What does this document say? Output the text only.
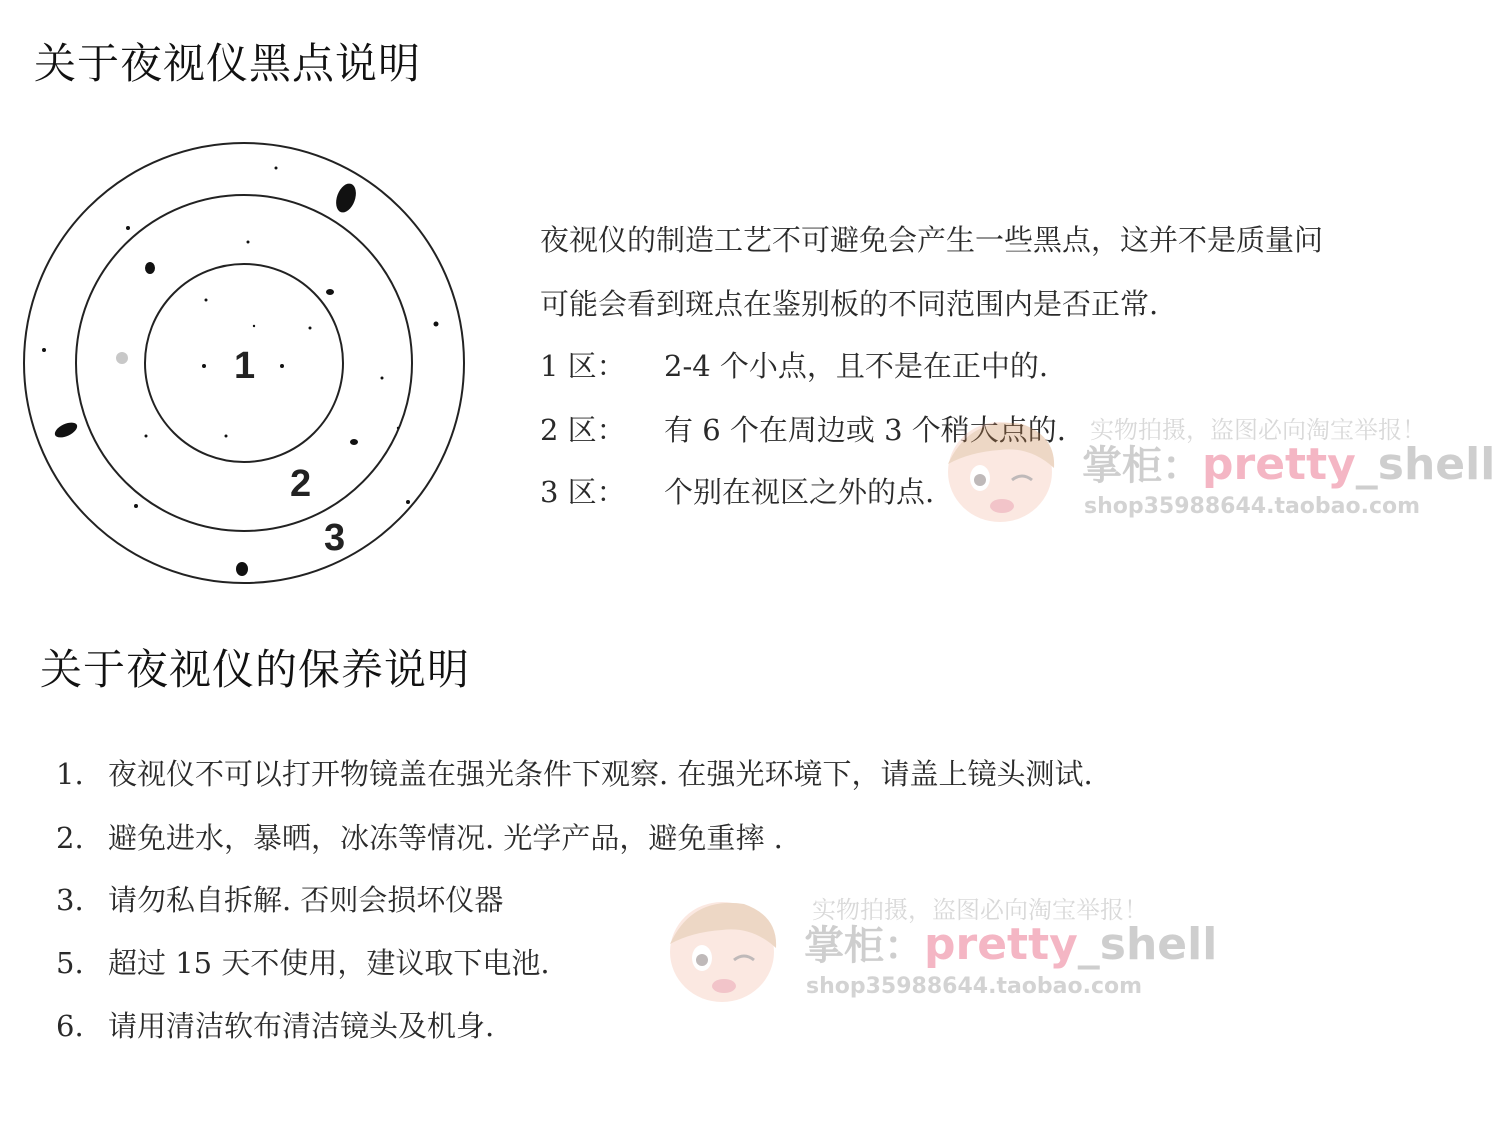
关于夜视仪黑点说明
1
2
3
夜视仪的制造工艺不可避免会产生一些黑点，这并不是质量问
可能会看到斑点在鉴别板的不同范围内是否正常.
1 区： 2-4 个小点，且不是在正中的.
2 区： 有 6 个在周边或 3 个稍大点的.
3 区： 个别在视区之外的点.
关于夜视仪的保养说明
1. 夜视仪不可以打开物镜盖在强光条件下观察. 在强光环境下，请盖上镜头测试.
2. 避免进水，暴晒，冰冻等情况. 光学产品，避免重摔 .
3. 请勿私自拆解. 否则会损坏仪器
5. 超过 15 天不使用，建议取下电池.
6. 请用清洁软布清洁镜头及机身.
实物拍摄，盗图必向淘宝举报！
掌柜：pretty_shell
shop35988644.taobao.com
实物拍摄，盗图必向淘宝举报！
掌柜：pretty_shell
shop35988644.taobao.com
